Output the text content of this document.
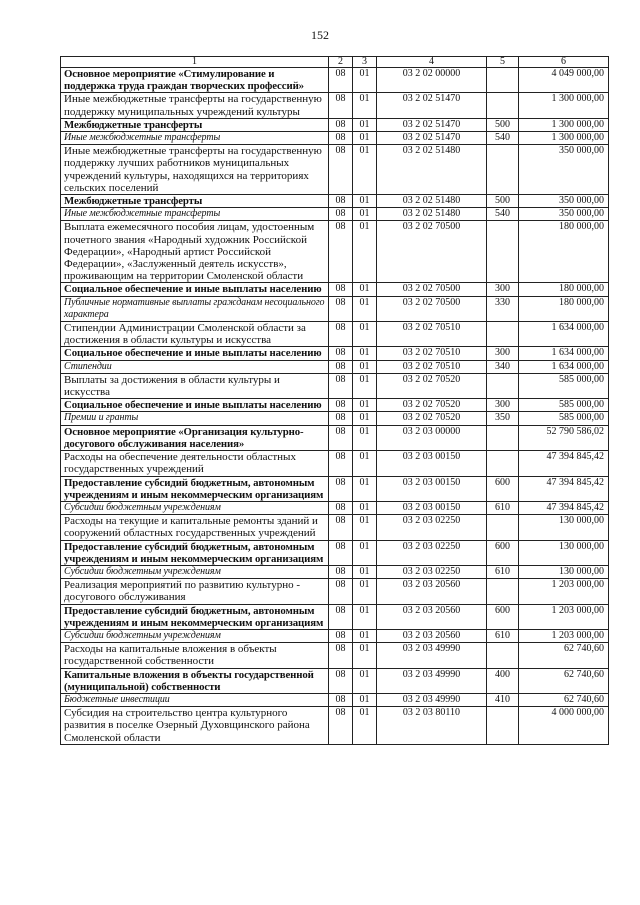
152
1	2	3	4	5	6
Основное мероприятие «Стимулирование и поддержка труда граждан творческих профессий»	08	01	03 2 02 00000		4 049 000,00
Иные межбюджетные трансферты на государственную поддержку муниципальных учреждений культуры	08	01	03 2 02 51470		1 300 000,00
Межбюджетные трансферты	08	01	03 2 02 51470	500	1 300 000,00
Иные межбюджетные трансферты	08	01	03 2 02 51470	540	1 300 000,00
Иные межбюджетные трансферты на государственную поддержку лучших работников муниципальных учреждений культуры, находящихся на территориях сельских поселений	08	01	03 2 02 51480		350 000,00
Межбюджетные трансферты	08	01	03 2 02 51480	500	350 000,00
Иные межбюджетные трансферты	08	01	03 2 02 51480	540	350 000,00
Выплата ежемесячного пособия лицам, удостоенным почетного звания «Народный художник Российской Федерации», «Народный артист Российской Федерации», «Заслуженный деятель искусств», проживающим на территории Смоленской области	08	01	03 2 02 70500		180 000,00
Социальное обеспечение и иные выплаты населению	08	01	03 2 02 70500	300	180 000,00
Публичные нормативные выплаты гражданам несоциального характера	08	01	03 2 02 70500	330	180 000,00
Стипендии Администрации Смоленской области за достижения в области культуры и искусства	08	01	03 2 02 70510		1 634 000,00
Социальное обеспечение и иные выплаты населению	08	01	03 2 02 70510	300	1 634 000,00
Стипендии	08	01	03 2 02 70510	340	1 634 000,00
Выплаты за достижения в области культуры и искусства	08	01	03 2 02 70520		585 000,00
Социальное обеспечение и иные выплаты населению	08	01	03 2 02 70520	300	585 000,00
Премии и гранты	08	01	03 2 02 70520	350	585 000,00
Основное мероприятие «Организация культурно-досугового обслуживания населения»	08	01	03 2 03 00000		52 790 586,02
Расходы на обеспечение деятельности областных государственных учреждений	08	01	03 2 03 00150		47 394 845,42
Предоставление субсидий бюджетным, автономным учреждениям и иным некоммерческим организациям	08	01	03 2 03 00150	600	47 394 845,42
Субсидии бюджетным учреждениям	08	01	03 2 03 00150	610	47 394 845,42
Расходы на текущие и капитальные ремонты зданий и сооружений областных государственных учреждений	08	01	03 2 03 02250		130 000,00
Предоставление субсидий бюджетным, автономным учреждениям и иным некоммерческим организациям	08	01	03 2 03 02250	600	130 000,00
Субсидии бюджетным учреждениям	08	01	03 2 03 02250	610	130 000,00
Реализация мероприятий по развитию культурно - досугового обслуживания	08	01	03 2 03 20560		1 203 000,00
Предоставление субсидий бюджетным, автономным учреждениям и иным некоммерческим организациям	08	01	03 2 03 20560	600	1 203 000,00
Субсидии бюджетным учреждениям	08	01	03 2 03 20560	610	1 203 000,00
Расходы на капитальные вложения в объекты государственной собственности	08	01	03 2 03 49990		62 740,60
Капитальные вложения в объекты государственной (муниципальной) собственности	08	01	03 2 03 49990	400	62 740,60
Бюджетные инвестиции	08	01	03 2 03 49990	410	62 740,60
Субсидия на строительство центра культурного развития в поселке Озерный Духовщинского района Смоленской области	08	01	03 2 03 80110		4 000 000,00
